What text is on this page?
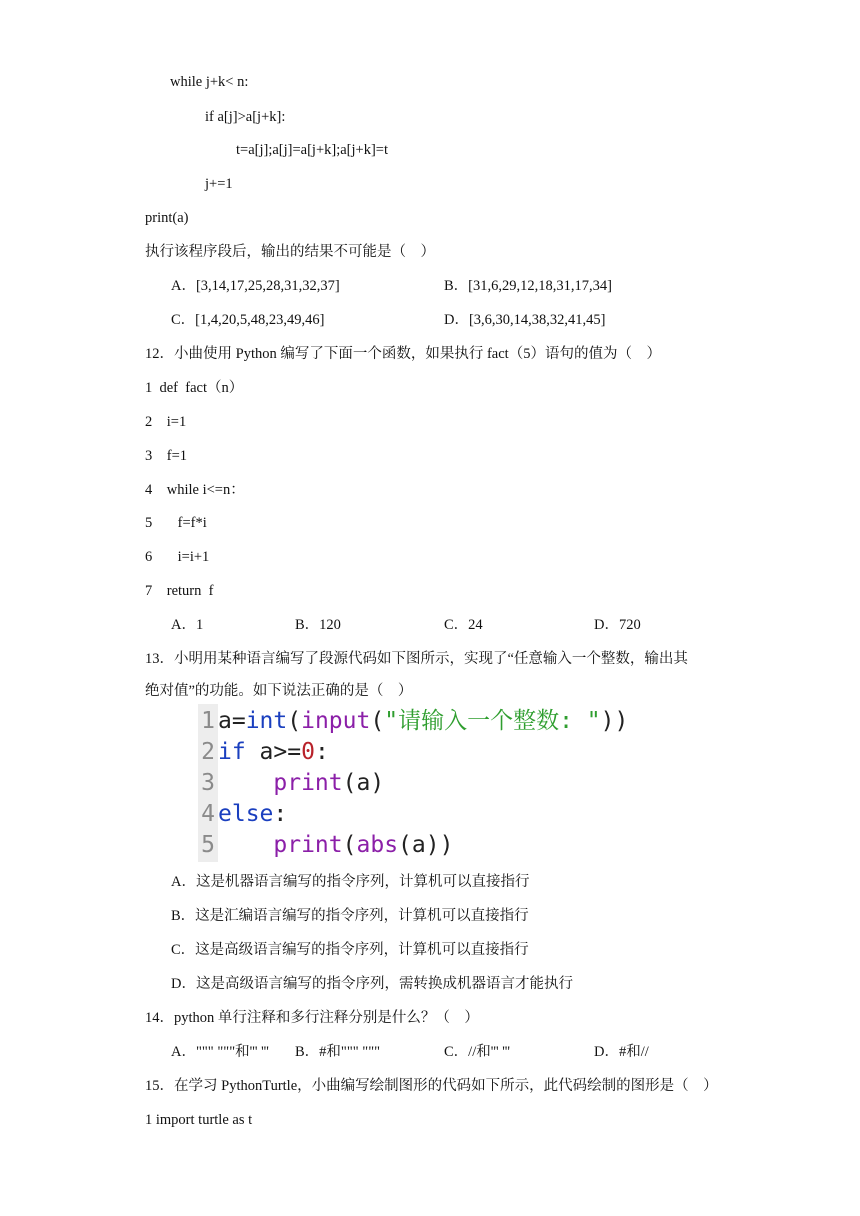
while j+k< n:
if a[j]>a[j+k]:
t=a[j];a[j]=a[j+k];a[j+k]=t
j+=1
print(a)
执行该程序段后，输出的结果不可能是（　）
A．[3,14,17,25,28,31,32,37]	B．[31,6,29,12,18,31,17,34]
C．[1,4,20,5,48,23,49,46]	D．[3,6,30,14,38,32,41,45]
12．小曲使用 Python 编写了下面一个函数，如果执行 fact（5）语句的值为（　）
1  def  fact（n）
2    i=1
3    f=1
4    while i<=n：
5       f=f*i
6       i=i+1
7    return  f
A．1	B．120	C．24	D．720
13．小明用某种语言编写了段源代码如下图所示，实现了“任意输入一个整数，输出其
绝对值”的功能。如下说法正确的是（　）
1 a=int(input("请输入一个整数: "))
2 if a>=0:
3	print(a)
4 else:
5	print(abs(a))
A．这是机器语言编写的指令序列，计算机可以直接指行
B．这是汇编语言编写的指令序列，计算机可以直接指行
C．这是高级语言编写的指令序列，计算机可以直接指行
D．这是高级语言编写的指令序列，需转换成机器语言才能执行
14．python 单行注释和多行注释分别是什么？（　）
A．""" """和''' ''' B．#和""" """	C．//和''' '''	D．#和//
15．在学习 PythonTurtle，小曲编写绘制图形的代码如下所示，此代码绘制的图形是（　）
1 import turtle as t
